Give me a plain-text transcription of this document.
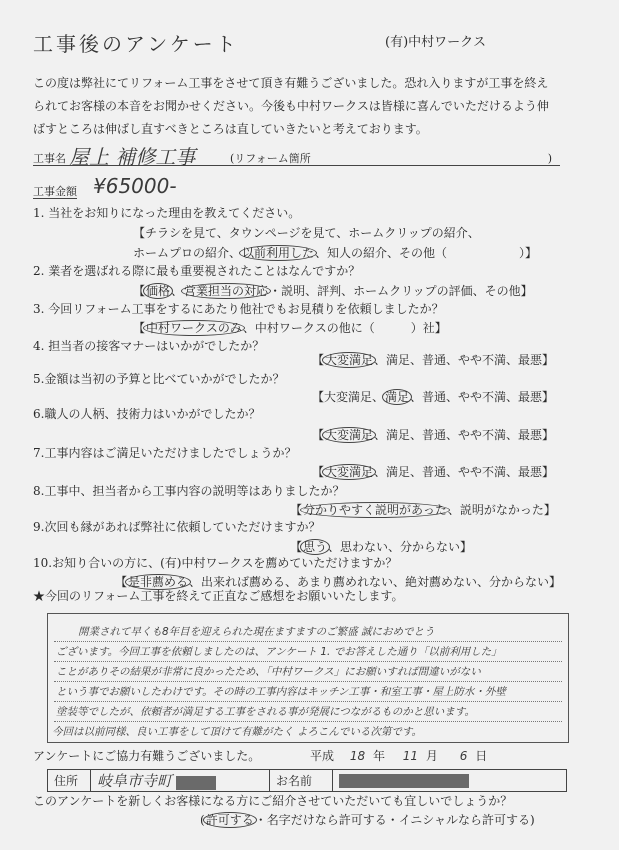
工事後のアンケート	(有)中村ワークス
この度は弊社にてリフォーム工事をさせて頂き有難うございました。恐れ入りますが工事を終え
られてお客様の本音をお聞かせください。今後も中村ワークスは皆様に喜んでいただけるよう伸
ばすところは伸ばし直すべきところは直していきたいと考えております。
工事名 屋上 補修工事	(リフォーム箇所	)
工事金額 ¥65000-
1. 当社をお知りになった理由を教えてください。
【チラシを見て、タウンページを見て、ホームクリップの紹介、
ホームプロの紹介、以前利用した、知人の紹介、その他（　　　　　　）】
2. 業者を選ばれる際に最も重要視されたことはなんですか？
【価格、営業担当の対応・説明、評判、ホームクリップの評価、その他】
3. 今回リフォーム工事をするにあたり他社でもお見積りを依頼しましたか？
【中村ワークスのみ、中村ワークスの他に（　　　）社】
4. 担当者の接客マナーはいかがでしたか？
【大変満足、満足、普通、やや不満、最悪】
5.金額は当初の予算と比べていかがでしたか？
【大変満足、満足、普通、やや不満、最悪】
6.職人の人柄、技術力はいかがでしたか？
【大変満足、満足、普通、やや不満、最悪】
7.工事内容はご満足いただけましたでしょうか？
【大変満足、満足、普通、やや不満、最悪】
8.工事中、担当者から工事内容の説明等はありましたか？
【分かりやすく説明があった、説明がなかった】
9.次回も縁があれば弊社に依頼していただけますか？
【思う、思わない、分からない】
10.お知り合いの方に、(有)中村ワークスを薦めていただけますか？
【是非薦める、出来れば薦める、あまり薦めれない、絶対薦めない、分からない】
★今回のリフォーム工事を終えて正直なご感想をお願いいたします。
開業されて早くも8年目を迎えられた現在ますますのご繁盛 誠におめでとう
ございます。今回工事を依頼しましたのは、アンケート 1. でお答えした通り「以前利用した」
ことがありその結果が非常に良かったため、「中村ワークス」にお願いすれば間違いがない
という事でお願いしたわけです。その時の工事内容はキッチン工事・和室工事・屋上防水・外壁
塗装等でしたが、依頼者が満足する工事をされる事が発展につながるものかと思います。
今回は以前同様、良い工事をして頂けて有難がたく よろこんでいる次第です。
アンケートにご協力有難うございました。	平成 18 年 11 月 6 日
住所	岐阜市寺町	お名前	
このアンケートを新しくお客様になる方にご紹介させていただいても宜しいでしょうか？
(許可する・名字だけなら許可する・イニシャルなら許可する)
